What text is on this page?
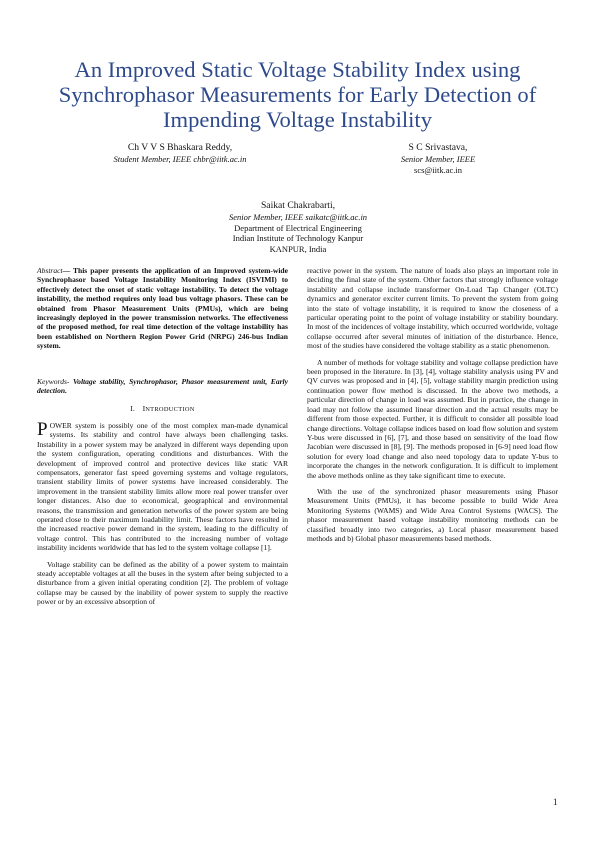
An Improved Static Voltage Stability Index using
Synchrophasor Measurements for Early Detection of
Impending Voltage Instability
Ch V V S Bhaskara Reddy,
Student Member, IEEE chbr@iitk.ac.in
S C Srivastava,
Senior Member, IEEE
scs@iitk.ac.in
Saikat Chakrabarti,
Senior Member, IEEE saikatc@iitk.ac.in
Department of Electrical Engineering
Indian Institute of Technology Kanpur
KANPUR, India

Abstract— This paper presents the application of an Improved system-wide Synchrophasor based Voltage Instability Monitoring Index (ISVIMI) to effectively detect the onset of static voltage instability. To detect the voltage instability, the method requires only load bus voltage phasors. These can be obtained from Phasor Measurement Units (PMUs), which are being increasingly deployed in the power transmission networks. The effectiveness of the proposed method, for real time detection of the voltage instability has been established on Northern Region Power Grid (NRPG) 246-bus Indian system.

Keywords- Voltage stability, Synchrophasor, Phasor measurement unit, Early detection.

I. INTRODUCTION

POWER system is possibly one of the most complex man-made dynamical systems. Its stability and control have always been challenging tasks. Instability in a power system may be analyzed in different ways depending upon the system configuration, operating conditions and disturbances. With the development of improved control and protective devices like static VAR compensators, generator fast speed governing systems and voltage regulators, transient stability limits of power systems have increased considerably. The improvement in the transient stability limits allow more real power transfer over longer distances. Also due to economical, geographical and environmental reasons, the transmission and generation networks of the power system are being operated close to their maximum loadability limit. These factors have resulted in the increased reactive power demand in the system, leading to the difficulty of voltage control. This has contributed to the increasing number of voltage instability incidents worldwide that has led to the system voltage collapse [1].

Voltage stability can be defined as the ability of a power system to maintain steady acceptable voltages at all the buses in the system after being subjected to a disturbance from a given initial operating condition [2]. The problem of voltage collapse may be caused by the inability of power system to supply the reactive power or by an excessive absorption of

reactive power in the system. The nature of loads also plays an important role in deciding the final state of the system. Other factors that strongly influence voltage instability and collapse include transformer On-Load Tap Changer (OLTC) dynamics and generator exciter current limits. To prevent the system from going into the state of voltage instability, it is required to know the closeness of a particular operating point to the point of voltage instability or stability boundary. In most of the incidences of voltage instability, which occurred worldwide, voltage collapse occurred after several minutes of initiation of the disturbance. Hence, most of the studies have considered the voltage stability as a static phenomenon.

A number of methods for voltage stability and voltage collapse prediction have been proposed in the literature. In [3], [4], voltage stability analysis using PV and QV curves was proposed and in [4], [5], voltage stability margin prediction using continuation power flow method is discussed. In the above two methods, a particular direction of change in load was assumed. But in practice, the change in load may not follow the assumed linear direction and the actual results may be different from those expected. Further, it is difficult to consider all possible load change directions. Voltage collapse indices based on load flow solution and system Y-bus were discussed in [6], [7], and those based on sensitivity of the load flow Jacobian were discussed in [8], [9]. The methods proposed in [6-9] need load flow solution for every load change and also need topology data to update Y-bus to incorporate the changes in the network configuration. It is difficult to implement the above methods online as they take significant time to execute.

With the use of the synchronized phasor measurements using Phasor Measurement Units (PMUs), it has become possible to build Wide Area Monitoring Systems (WAMS) and Wide Area Control Systems (WACS). The phasor measurement based voltage instability monitoring methods can be classified broadly into two categories, a) Local phasor measurement based methods and b) Global phasor measurements based methods.

1
